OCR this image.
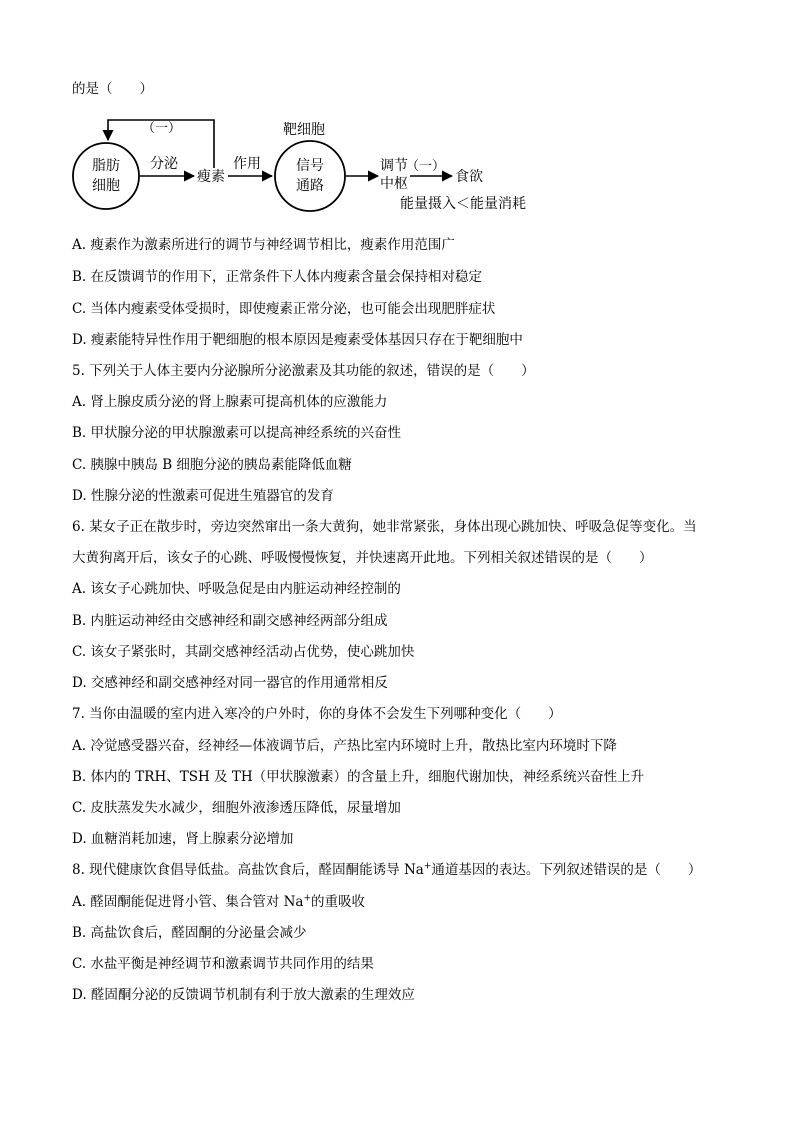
的是（　　）
（一）
脂肪
细胞
分泌
瘦素
作用
靶细胞
信号
通路
调节
中枢
（一）
食欲
能量摄入＜能量消耗
A. 瘦素作为激素所进行的调节与神经调节相比，瘦素作用范围广
B. 在反馈调节的作用下，正常条件下人体内瘦素含量会保持相对稳定
C. 当体内瘦素受体受损时，即使瘦素正常分泌，也可能会出现肥胖症状
D. 瘦素能特异性作用于靶细胞的根本原因是瘦素受体基因只存在于靶细胞中
5. 下列关于人体主要内分泌腺所分泌激素及其功能的叙述，错误的是（　　）
A. 肾上腺皮质分泌的肾上腺素可提高机体的应激能力
B. 甲状腺分泌的甲状腺激素可以提高神经系统的兴奋性
C. 胰腺中胰岛 B 细胞分泌的胰岛素能降低血糖
D. 性腺分泌的性激素可促进生殖器官的发育
6. 某女子正在散步时，旁边突然窜出一条大黄狗，她非常紧张，身体出现心跳加快、呼吸急促等变化。当
大黄狗离开后，该女子的心跳、呼吸慢慢恢复，并快速离开此地。下列相关叙述错误的是（　　）
A. 该女子心跳加快、呼吸急促是由内脏运动神经控制的
B. 内脏运动神经由交感神经和副交感神经两部分组成
C. 该女子紧张时，其副交感神经活动占优势，使心跳加快
D. 交感神经和副交感神经对同一器官的作用通常相反
7. 当你由温暖的室内进入寒冷的户外时，你的身体不会发生下列哪种变化（　　）
A. 冷觉感受器兴奋，经神经—体液调节后，产热比室内环境时上升，散热比室内环境时下降
B. 体内的 TRH、TSH 及 TH（甲状腺激素）的含量上升，细胞代谢加快，神经系统兴奋性上升
C. 皮肤蒸发失水减少，细胞外液渗透压降低，尿量增加
D. 血糖消耗加速，肾上腺素分泌增加
8. 现代健康饮食倡导低盐。高盐饮食后，醛固酮能诱导 Na+通道基因的表达。下列叙述错误的是（　　）
A. 醛固酮能促进肾小管、集合管对 Na+的重吸收
B. 高盐饮食后，醛固酮的分泌量会减少
C. 水盐平衡是神经调节和激素调节共同作用的结果
D. 醛固酮分泌的反馈调节机制有利于放大激素的生理效应
